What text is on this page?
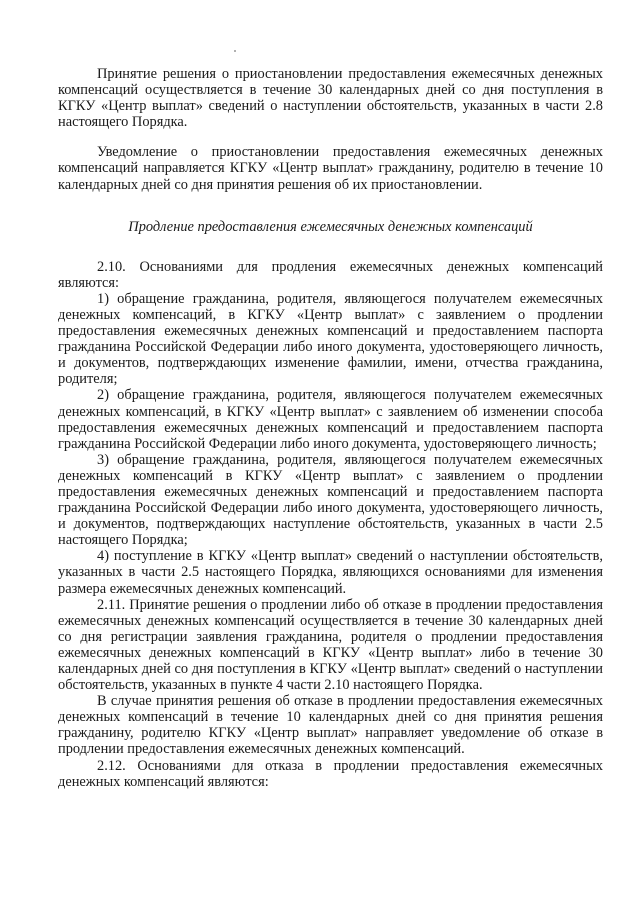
Принятие решения о приостановлении предоставления ежемесячных денежных компенсаций осуществляется в течение 30 календарных дней со дня поступления в КГКУ «Центр выплат» сведений о наступлении обстоятельств, указанных в части 2.8 настоящего Порядка.

Уведомление о приостановлении предоставления ежемесячных денежных компенсаций направляется КГКУ «Центр выплат» гражданину, родителю в течение 10 календарных дней со дня принятия решения об их приостановлении.

Продление предоставления ежемесячных денежных компенсаций

2.10. Основаниями для продления ежемесячных денежных компенсаций являются:

1) обращение гражданина, родителя, являющегося получателем ежемесячных денежных компенсаций, в КГКУ «Центр выплат» с заявлением о продлении предоставления ежемесячных денежных компенсаций и предоставлением паспорта гражданина Российской Федерации либо иного документа, удостоверяющего личность, и документов, подтверждающих изменение фамилии, имени, отчества гражданина, родителя;

2) обращение гражданина, родителя, являющегося получателем ежемесячных денежных компенсаций, в КГКУ «Центр выплат» с заявлением об изменении способа предоставления ежемесячных денежных компенсаций и предоставлением паспорта гражданина Российской Федерации либо иного документа, удостоверяющего личность;

3) обращение гражданина, родителя, являющегося получателем ежемесячных денежных компенсаций в КГКУ «Центр выплат» с заявлением о продлении предоставления ежемесячных денежных компенсаций и предоставлением паспорта гражданина Российской Федерации либо иного документа, удостоверяющего личность, и документов, подтверждающих наступление обстоятельств, указанных в части 2.5 настоящего Порядка;

4) поступление в КГКУ «Центр выплат» сведений о наступлении обстоятельств, указанных в части 2.5 настоящего Порядка, являющихся основаниями для изменения размера ежемесячных денежных компенсаций.

2.11. Принятие решения о продлении либо об отказе в продлении предоставления ежемесячных денежных компенсаций осуществляется в течение 30 календарных дней со дня регистрации заявления гражданина, родителя о продлении предоставления ежемесячных денежных компенсаций в КГКУ «Центр выплат» либо в течение 30 календарных дней со дня поступления в КГКУ «Центр выплат» сведений о наступлении обстоятельств, указанных в пункте 4 части 2.10 настоящего Порядка.

В случае принятия решения об отказе в продлении предоставления ежемесячных денежных компенсаций в течение 10 календарных дней со дня принятия решения гражданину, родителю КГКУ «Центр выплат» направляет уведомление об отказе в продлении предоставления ежемесячных денежных компенсаций.

2.12. Основаниями для отказа в продлении предоставления ежемесячных денежных компенсаций являются:
